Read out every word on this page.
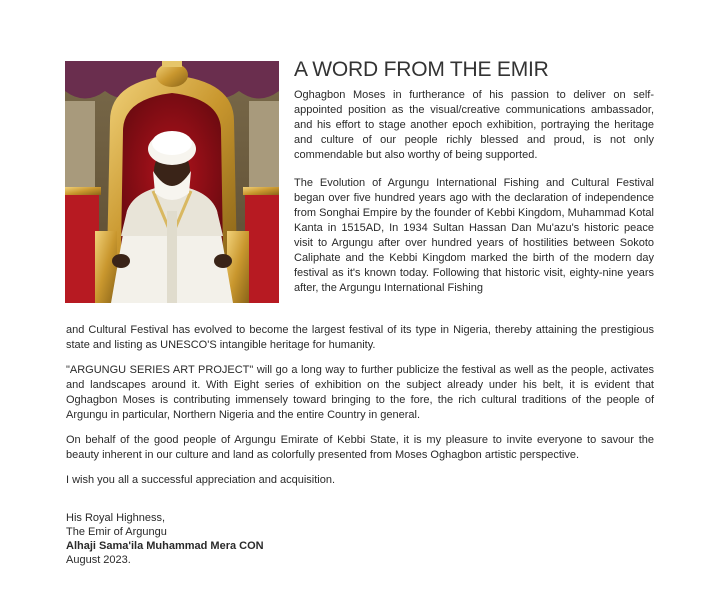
A WORD FROM THE EMIR

Oghagbon Moses in furtherance of his passion to deliver on self-appointed position as the visual/creative communications ambassador, and his effort to stage another epoch exhibition, portraying the heritage and culture of our people richly blessed and proud, is not only commendable but also worthy of being supported.

The Evolution of Argungu International Fishing and Cultural Festival began over five hundred years ago with the declaration of independence from Songhai Empire by the founder of Kebbi Kingdom, Muhammad Kotal Kanta in 1515AD, In 1934 Sultan Hassan Dan Mu'azu's historic peace visit to Argungu after over hundred years of hostilities between Sokoto Caliphate and the Kebbi Kingdom marked the birth of the modern day festival as it's known today. Following that historic visit, eighty-nine years after, the Argungu International Fishing

and Cultural Festival has evolved to become the largest festival of its type in Nigeria, thereby attaining the prestigious state and listing as UNESCO'S intangible heritage for humanity.

"ARGUNGU SERIES ART PROJECT" will go a long way to further publicize the festival as well as the people, activates and landscapes around it. With Eight series of exhibition on the subject already under his belt, it is evident that Oghagbon Moses is contributing immensely toward bringing to the fore, the rich cultural traditions of the people of Argungu in particular, Northern Nigeria and the entire Country in general.

On behalf of the good people of Argungu Emirate of Kebbi State, it is my pleasure to invite everyone to savour the beauty inherent in our culture and land as colorfully presented from Moses Oghagbon artistic perspective.

I wish you all a successful appreciation and acquisition.

His Royal Highness,
The Emir of Argungu
Alhaji Sama'ila Muhammad Mera CON
August 2023.
